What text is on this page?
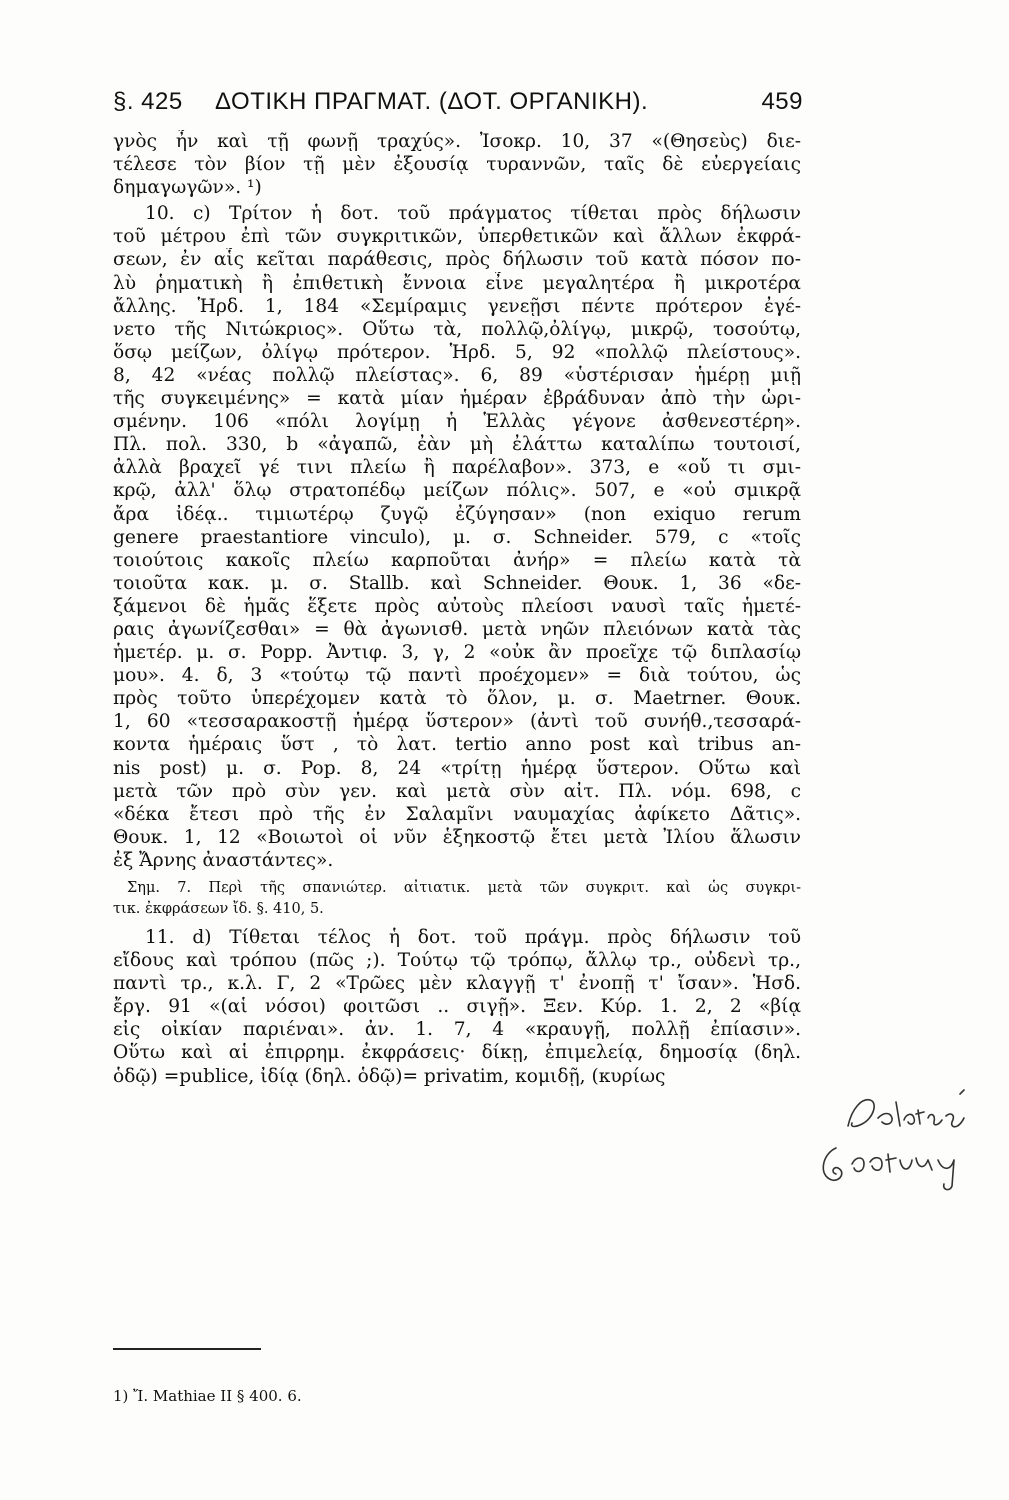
§. 425	ΔΟΤΙΚΗ ΠΡΑΓΜΑΤ. (ΔΟΤ. ΟΡΓΑΝΙΚΗ).	459
γνὸς ἦν καὶ τῇ φωνῇ τραχύς». Ἰσοκρ. 10, 37 «(Θησεὺς) διε-
τέλεσε τὸν βίον τῇ μὲν ἐξουσίᾳ τυραννῶν, ταῖς δὲ εὐεργείαις
δημαγωγῶν». ¹)
10. c) Τρίτον ἡ δοτ. τοῦ πράγματος τίθεται πρὸς δήλωσιν
τοῦ μέτρου ἐπὶ τῶν συγκριτικῶν, ὑπερθετικῶν καὶ ἄλλων ἐκφρά-
σεων, ἐν αἷς κεῖται παράθεσις, πρὸς δήλωσιν τοῦ κατὰ πόσον πο-
λὺ ῥηματικὴ ἢ ἐπιθετικὴ ἔννοια εἶνε μεγαλητέρα ἢ μικροτέρα
ἄλλης. Ἡρδ. 1, 184 «Σεμίραμις γενεῇσι πέντε πρότερον ἐγέ-
νετο τῆς Νιτώκριος». Οὕτω τὰ, πολλῷ,ὀλίγῳ, μικρῷ, τοσούτῳ,
ὅσῳ μείζων, ὀλίγῳ πρότερον. Ἡρδ. 5, 92 «πολλῷ πλείστους».
8, 42 «νέας πολλῷ πλείστας». 6, 89 «ὑστέρισαν ἡμέρῃ μιῇ
τῆς συγκειμένης» = κατὰ μίαν ἡμέραν ἐβράδυναν ἀπὸ τὴν ὡρι-
σμένην. 106 «πόλι λογίμῃ ἡ Ἑλλὰς γέγονε ἀσθενεστέρη».
Πλ. πολ. 330, b «ἀγαπῶ, ἐὰν μὴ ἐλάττω καταλίπω τουτοισί,
ἀλλὰ βραχεῖ γέ τινι πλείω ἢ παρέλαβον». 373, e «οὔ τι σμι-
κρῷ, ἀλλ' ὅλῳ στρατοπέδῳ μείζων πόλις». 507, e «οὐ σμικρᾷ
ἄρα ἰδέᾳ.. τιμιωτέρῳ ζυγῷ ἐζύγησαν» (non exiquo rerum
genere praestantiore vinculo), μ. σ. Schneider. 579, c «τοῖς
τοιούτοις κακοῖς πλείω καρποῦται ἀνήρ» = πλείω κατὰ τὰ
τοιοῦτα κακ. μ. σ. Stallb. καὶ Schneider. Θουκ. 1, 36 «δε-
ξάμενοι δὲ ἡμᾶς ἕξετε πρὸς αὐτοὺς πλείοσι ναυσὶ ταῖς ἡμετέ-
ραις ἀγωνίζεσθαι» = θὰ ἀγωνισθ. μετὰ νηῶν πλειόνων κατὰ τὰς
ἡμετέρ. μ. σ. Popp. Ἀντιφ. 3, γ, 2 «οὐκ ἂν προεῖχε τῷ διπλασίῳ
μου». 4. δ, 3 «τούτῳ τῷ παντὶ προέχομεν» = διὰ τούτου, ὡς
πρὸς τοῦτο ὑπερέχομεν κατὰ τὸ ὅλον, μ. σ. Maetrner. Θουκ.
1, 60 «τεσσαρακοστῇ ἡμέρᾳ ὕστερον» (ἀντὶ τοῦ συνήθ.,τεσσαρά-
κοντα ἡμέραις ὕστ , τὸ λατ. tertio anno post καὶ tribus an-
nis post) μ. σ. Pop. 8, 24 «τρίτῃ ἡμέρᾳ ὕστερον. Οὕτω καὶ
μετὰ τῶν πρὸ σὺν γεν. καὶ μετὰ σὺν αἰτ. Πλ. νόμ. 698, c
«δέκα ἔτεσι πρὸ τῆς ἐν Σαλαμῖνι ναυμαχίας ἀφίκετο Δᾶτις».
Θουκ. 1, 12 «Βοιωτοὶ οἱ νῦν ἑξηκοστῷ ἔτει μετὰ Ἰλίου ἅλωσιν
ἐξ Ἄρνης ἀναστάντες».
Σημ. 7. Περὶ τῆς σπανιώτερ. αἰτιατικ. μετὰ τῶν συγκριτ. καὶ ὡς συγκρι-
τικ. ἐκφράσεων ἴδ. §. 410, 5.
11. d) Τίθεται τέλος ἡ δοτ. τοῦ πράγμ. πρὸς δήλωσιν τοῦ
εἴδους καὶ τρόπου (πῶς ;). Τούτῳ τῷ τρόπῳ, ἄλλῳ τρ., οὐδενὶ τρ.,
παντὶ τρ., κ.λ. Γ, 2 «Τρῶες μὲν κλαγγῇ τ' ἐνοπῇ τ' ἴσαν». Ἡσδ.
ἔργ. 91 «(αἱ νόσοι) φοιτῶσι .. σιγῇ». Ξεν. Κύρ. 1. 2, 2 «βίᾳ
εἰς οἰκίαν παριέναι». ἀν. 1. 7, 4 «κραυγῇ, πολλῇ ἐπίασιν».
Οὕτω καὶ αἱ ἐπιρρημ. ἐκφράσεις· δίκῃ, ἐπιμελείᾳ, δημοσίᾳ (δηλ.
ὁδῷ) =publice, ἰδίᾳ (δηλ. ὁδῷ)= privatim, κομιδῇ, (κυρίως
1) Ἴ. Mathiae II § 400. 6.
